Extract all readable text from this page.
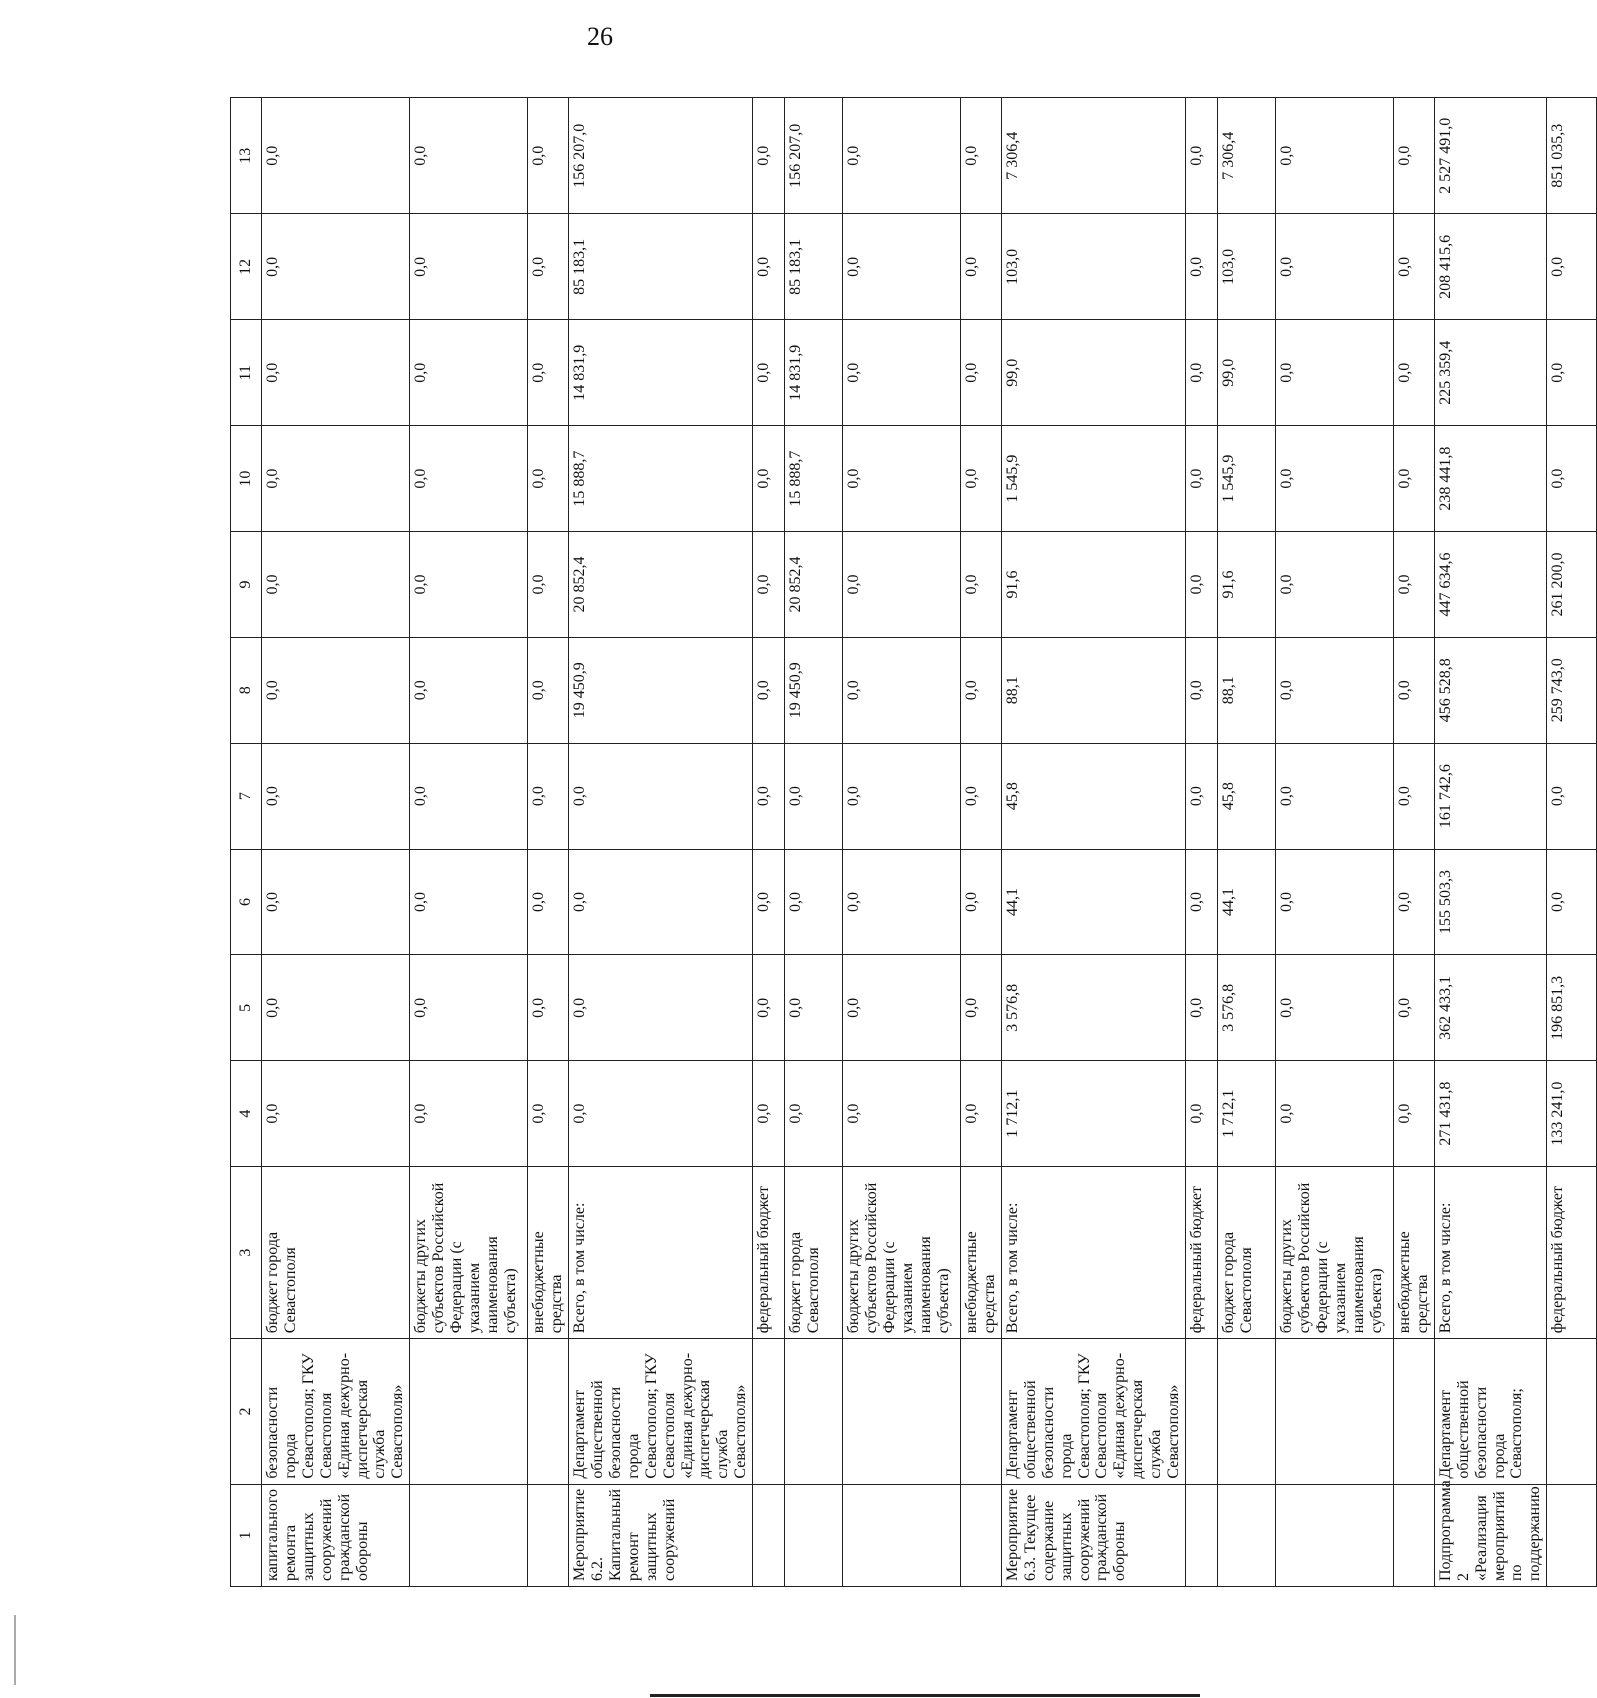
26
1	2	3	4	5	6	7	8	9	10	11	12	13
капитального ремонта защитных сооружений гражданской обороны	безопасности города Севастополя; ГКУ Севастополя «Единая дежурно-диспетчерская служба Севастополя»	бюджет города Севастополя	0,0	0,0	0,0	0,0	0,0	0,0	0,0	0,0	0,0	0,0
		бюджеты других субъектов Российской Федерации (с указанием наименования субъекта)	0,0	0,0	0,0	0,0	0,0	0,0	0,0	0,0	0,0	0,0
		внебюджетные средства	0,0	0,0	0,0	0,0	0,0	0,0	0,0	0,0	0,0	0,0
Мероприятие 6.2. Капитальный ремонт защитных сооружений	Департамент общественной безопасности города Севастополя; ГКУ Севастополя «Единая дежурно-диспетчерская служба Севастополя»	Всего, в том числе:	0,0	0,0	0,0	0,0	19 450,9	20 852,4	15 888,7	14 831,9	85 183,1	156 207,0
		федеральный бюджет	0,0	0,0	0,0	0,0	0,0	0,0	0,0	0,0	0,0	0,0
		бюджет города Севастополя	0,0	0,0	0,0	0,0	19 450,9	20 852,4	15 888,7	14 831,9	85 183,1	156 207,0
		бюджеты других субъектов Российской Федерации (с указанием наименования субъекта)	0,0	0,0	0,0	0,0	0,0	0,0	0,0	0,0	0,0	0,0
		внебюджетные средства	0,0	0,0	0,0	0,0	0,0	0,0	0,0	0,0	0,0	0,0
Мероприятие 6.3. Текущее содержание защитных сооружений гражданской обороны	Департамент общественной безопасности города Севастополя; ГКУ Севастополя «Единая дежурно-диспетчерская служба Севастополя»	Всего, в том числе:	1 712,1	3 576,8	44,1	45,8	88,1	91,6	1 545,9	99,0	103,0	7 306,4
		федеральный бюджет	0,0	0,0	0,0	0,0	0,0	0,0	0,0	0,0	0,0	0,0
		бюджет города Севастополя	1 712,1	3 576,8	44,1	45,8	88,1	91,6	1 545,9	99,0	103,0	7 306,4
		бюджеты других субъектов Российской Федерации (с указанием наименования субъекта)	0,0	0,0	0,0	0,0	0,0	0,0	0,0	0,0	0,0	0,0
		внебюджетные средства	0,0	0,0	0,0	0,0	0,0	0,0	0,0	0,0	0,0	0,0
Подпрограмма 2 «Реализация мероприятий по поддержанию	Департамент общественной безопасности города Севастополя;	Всего, в том числе:	271 431,8	362 433,1	155 503,3	161 742,6	456 528,8	447 634,6	238 441,8	225 359,4	208 415,6	2 527 491,0
		федеральный бюджет	133 241,0	196 851,3	0,0	0,0	259 743,0	261 200,0	0,0	0,0	0,0	851 035,3
